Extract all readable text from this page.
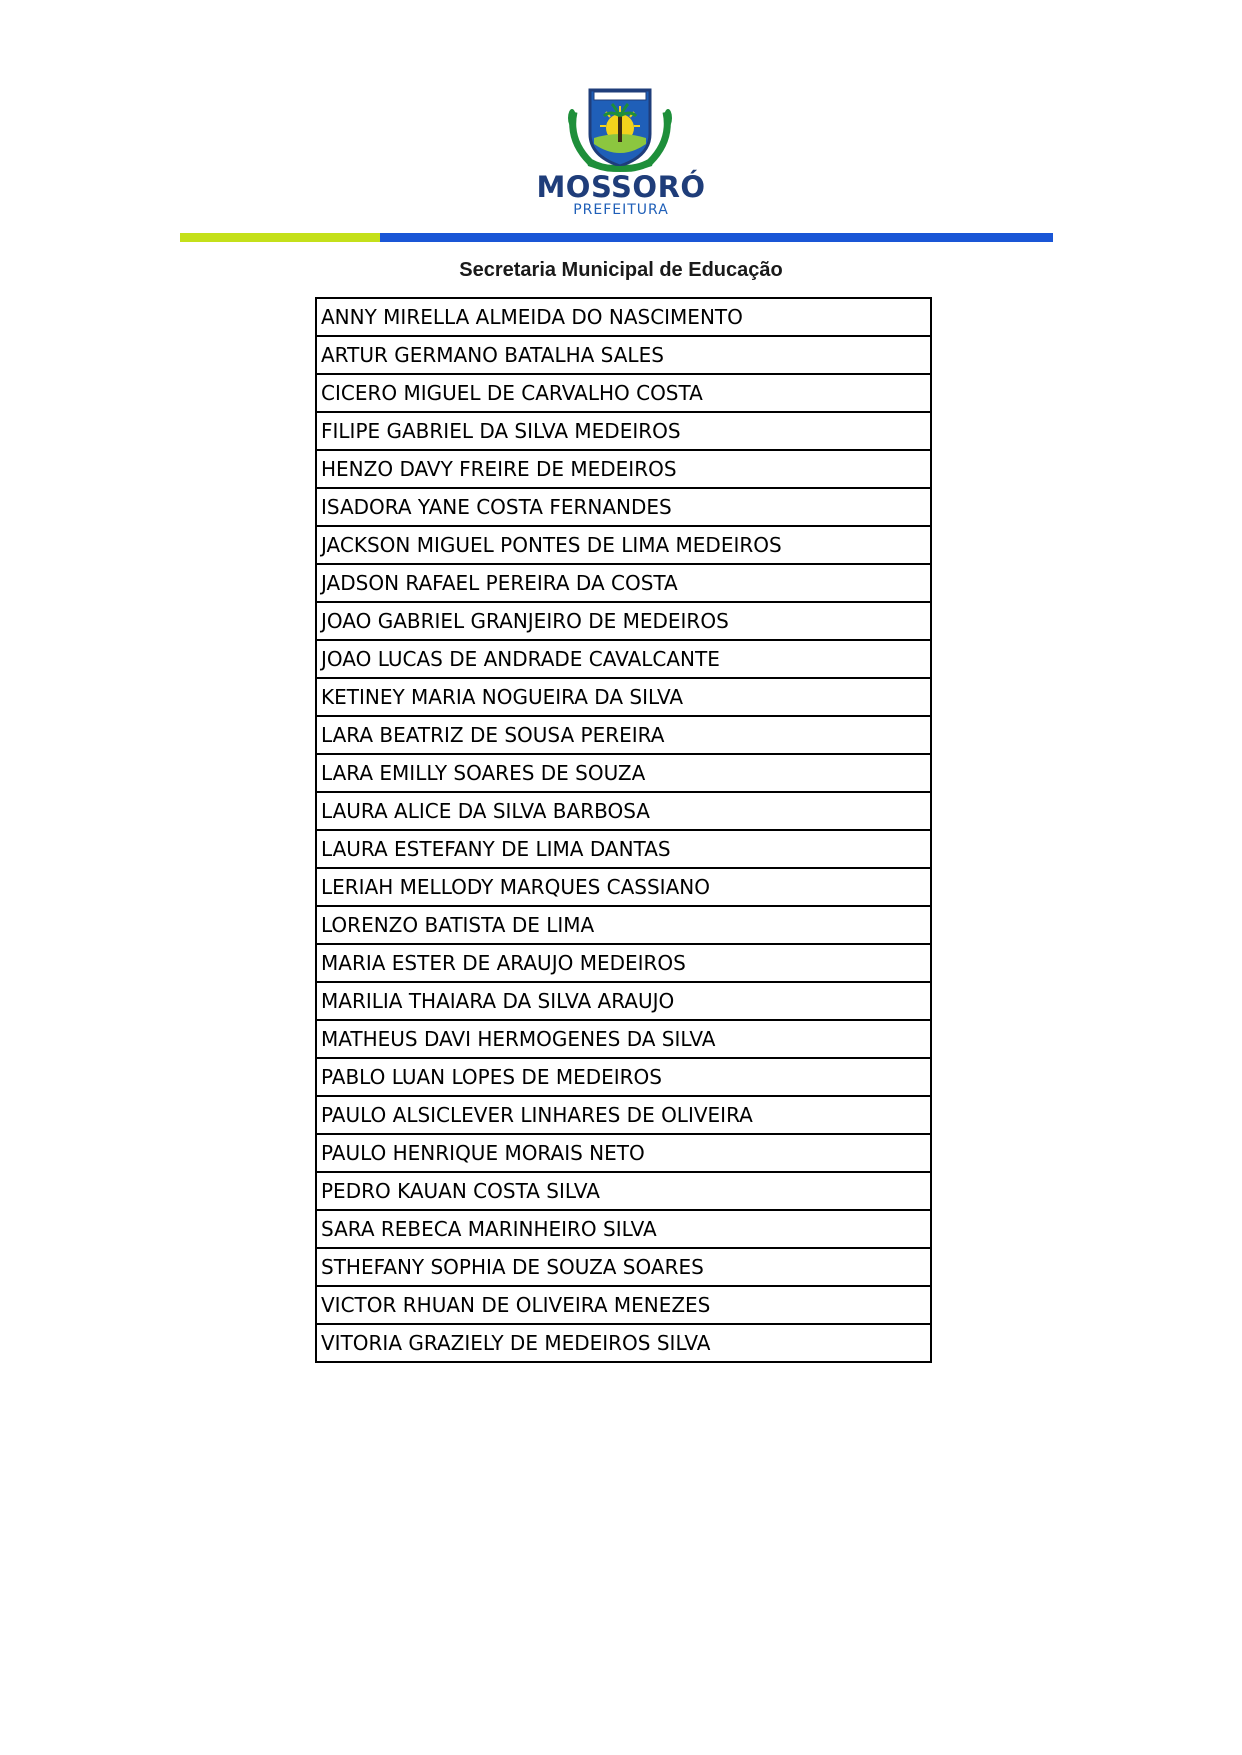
MOSSORÓ
PREFEITURA
Secretaria Municipal de Educação
ANNY MIRELLA ALMEIDA DO NASCIMENTO
ARTUR GERMANO BATALHA SALES
CICERO MIGUEL DE CARVALHO COSTA
FILIPE GABRIEL DA SILVA MEDEIROS
HENZO DAVY FREIRE DE MEDEIROS
ISADORA YANE COSTA FERNANDES
JACKSON MIGUEL PONTES DE LIMA MEDEIROS
JADSON RAFAEL PEREIRA DA COSTA
JOAO GABRIEL GRANJEIRO DE MEDEIROS
JOAO LUCAS DE ANDRADE CAVALCANTE
KETINEY MARIA NOGUEIRA DA SILVA
LARA BEATRIZ DE SOUSA PEREIRA
LARA EMILLY SOARES DE SOUZA
LAURA ALICE DA SILVA BARBOSA
LAURA ESTEFANY DE LIMA DANTAS
LERIAH MELLODY MARQUES CASSIANO
LORENZO BATISTA DE LIMA
MARIA ESTER DE ARAUJO MEDEIROS
MARILIA THAIARA DA SILVA ARAUJO
MATHEUS DAVI HERMOGENES DA SILVA
PABLO LUAN LOPES DE MEDEIROS
PAULO ALSICLEVER LINHARES DE OLIVEIRA
PAULO HENRIQUE MORAIS NETO
PEDRO KAUAN COSTA SILVA
SARA REBECA MARINHEIRO SILVA
STHEFANY SOPHIA DE SOUZA SOARES
VICTOR RHUAN DE OLIVEIRA MENEZES
VITORIA GRAZIELY DE MEDEIROS SILVA
